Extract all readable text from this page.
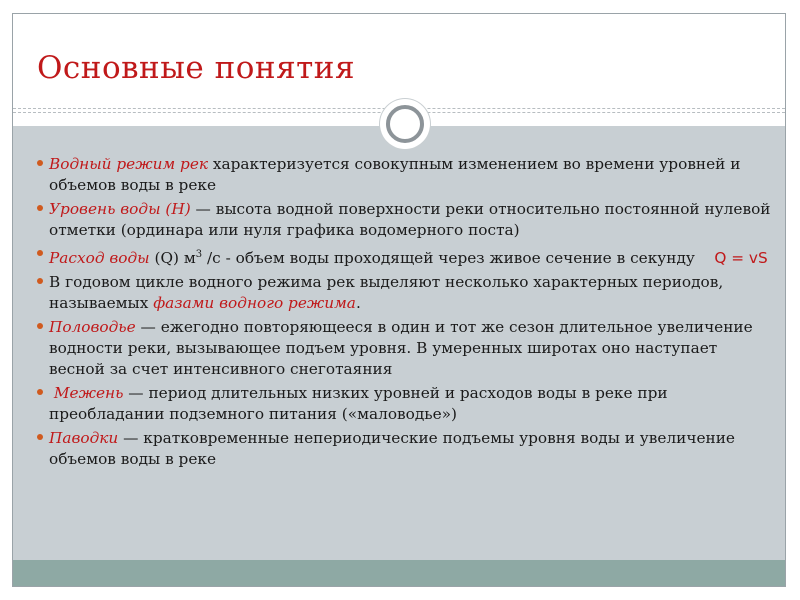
Основные понятия
Водный режим рек характеризуется совокупным изменением во времени уровней и объемов воды в реке
Уровень воды (Н) — высота водной поверхности реки относительно постоянной нулевой отметки (ординара или нуля графика водомерного поста)
Расход воды (Q) $м^3$ /с - объем воды проходящей через живое сечение в секунду Q = vS
В годовом цикле водного режима рек выделяют несколько характерных периодов, называемых фазами водного режима.
Половодье — ежегодно повторяющееся в один и тот же сезон длительное увеличение водности реки, вызывающее подъем уровня. В умеренных широтах оно наступает весной за счет интенсивного снеготаяния
Межень — период длительных низких уровней и расходов воды в реке при преобладании подземного питания («маловодье»)
Паводки — кратковременные непериодические подъемы уровня воды и увеличение объемов воды в реке
